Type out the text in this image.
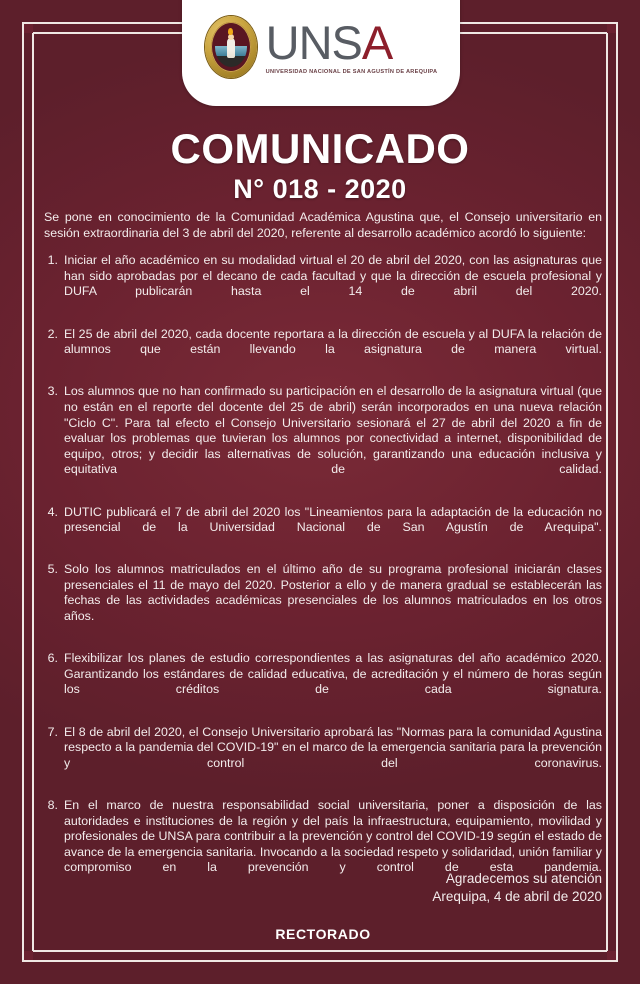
UNS A
UNIVERSIDAD NACIONAL DE SAN AGUSTÍN DE AREQUIPA
COMUNICADO
N° 018 - 2020

Se pone en conocimiento de la Comunidad Académica Agustina que, el Consejo universitario en sesión extraordinaria del 3 de abril del 2020, referente al desarrollo académico acordó lo siguiente:

1. Iniciar el año académico en su modalidad virtual el 20 de abril del 2020, con las asignaturas que han sido aprobadas por el decano de cada facultad y que la dirección de escuela profesional y DUFA publicarán hasta el 14 de abril del 2020.
2. El 25 de abril del 2020, cada docente reportara a la dirección de escuela y al DUFA la relación de alumnos que están llevando la asignatura de manera virtual.
3. Los alumnos que no han confirmado su participación en el desarrollo de la asignatura virtual (que no están en el reporte del docente del 25 de abril) serán incorporados en una nueva relación "Ciclo C". Para tal efecto el Consejo Universitario sesionará el 27 de abril del 2020 a fin de evaluar los problemas que tuvieran los alumnos por conectividad a internet, disponibilidad de equipo, otros; y decidir las alternativas de solución, garantizando una educación inclusiva y equitativa de calidad.
4. DUTIC publicará el 7 de abril del 2020 los "Lineamientos para la adaptación de la educación no presencial de la Universidad Nacional de San Agustín de Arequipa".
5. Solo los alumnos matriculados en el último año de su programa profesional iniciarán clases presenciales el 11 de mayo del 2020. Posterior a ello y de manera gradual se establecerán las fechas de las actividades académicas presenciales de los alumnos matriculados en los otros años.
6. Flexibilizar los planes de estudio correspondientes a las asignaturas del año académico 2020. Garantizando los estándares de calidad educativa, de acreditación y el número de horas según los créditos de cada signatura.
7. El 8 de abril del 2020, el Consejo Universitario aprobará las "Normas para la comunidad Agustina respecto a la pandemia del COVID-19" en el marco de la emergencia sanitaria para la prevención y control del coronavirus.
8. En el marco de nuestra responsabilidad social universitaria, poner a disposición de las autoridades e instituciones de la región y del país la infraestructura, equipamiento, movilidad y profesionales de UNSA para contribuir a la prevención y control del COVID-19 según el estado de avance de la emergencia sanitaria. Invocando a la sociedad respeto y solidaridad, unión familiar y compromiso en la prevención y control de esta pandemia.
Agradecemos su atención
Arequipa, 4 de abril de 2020
RECTORADO
